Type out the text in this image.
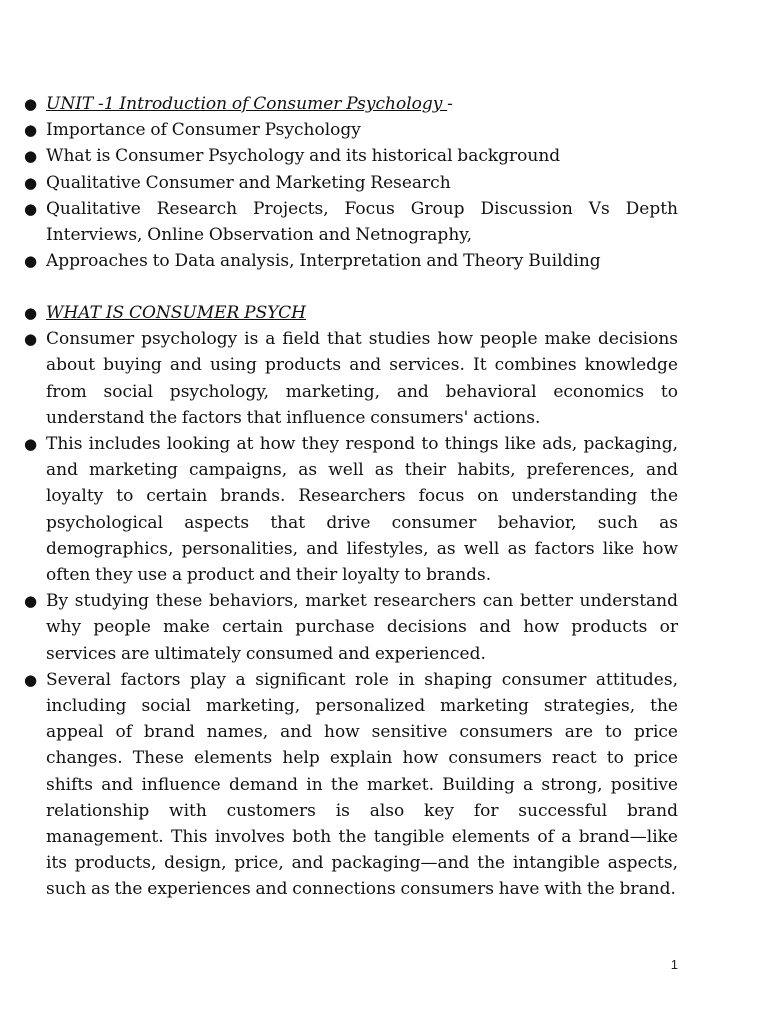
● UNIT -1 Introduction of Consumer Psychology -
● Importance of Consumer Psychology
● What is Consumer Psychology and its historical background
● Qualitative Consumer and Marketing Research
● Qualitative Research Projects, Focus Group Discussion Vs Depth Interviews, Online Observation and Netnography,
● Approaches to Data analysis, Interpretation and Theory Building
● WHAT IS CONSUMER PSYCH
● Consumer psychology is a field that studies how people make decisions about buying and using products and services. It combines knowledge from social psychology, marketing, and behavioral economics to understand the factors that influence consumers' actions.
● This includes looking at how they respond to things like ads, packaging, and marketing campaigns, as well as their habits, preferences, and loyalty to certain brands. Researchers focus on understanding the psychological aspects that drive consumer behavior, such as demographics, personalities, and lifestyles, as well as factors like how often they use a product and their loyalty to brands.
● By studying these behaviors, market researchers can better understand why people make certain purchase decisions and how products or services are ultimately consumed and experienced.
● Several factors play a significant role in shaping consumer attitudes, including social marketing, personalized marketing strategies, the appeal of brand names, and how sensitive consumers are to price changes. These elements help explain how consumers react to price shifts and influence demand in the market. Building a strong, positive relationship with customers is also key for successful brand management. This involves both the tangible elements of a brand—like its products, design, price, and packaging—and the intangible aspects, such as the experiences and connections consumers have with the brand.
1
